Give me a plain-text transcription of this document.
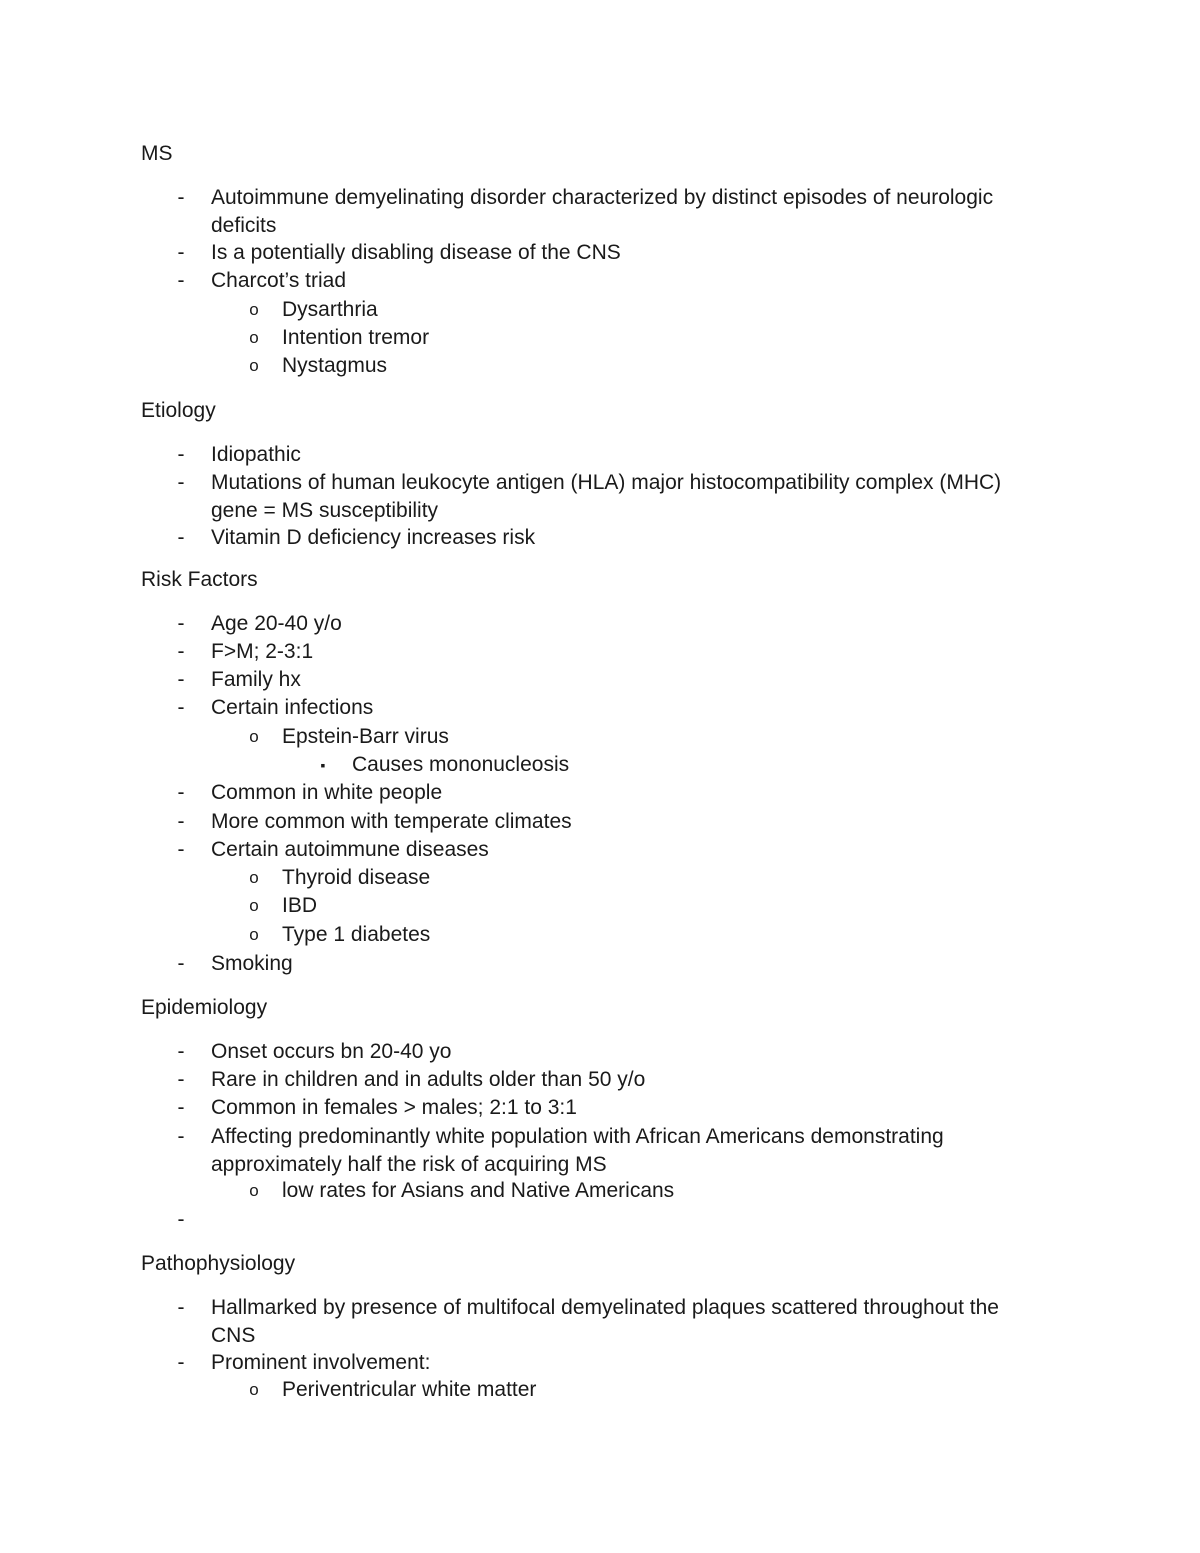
MS
- Autoimmune demyelinating disorder characterized by distinct episodes of neurologic deficits
- Is a potentially disabling disease of the CNS
- Charcot’s triad
o Dysarthria
o Intention tremor
o Nystagmus
Etiology
- Idiopathic
- Mutations of human leukocyte antigen (HLA) major histocompatibility complex (MHC) gene = MS susceptibility
- Vitamin D deficiency increases risk
Risk Factors
- Age 20-40 y/o
- F>M; 2-3:1
- Family hx
- Certain infections
o Epstein-Barr virus
▪ Causes mononucleosis
- Common in white people
- More common with temperate climates
- Certain autoimmune diseases
o Thyroid disease
o IBD
o Type 1 diabetes
- Smoking
Epidemiology
- Onset occurs bn 20-40 yo
- Rare in children and in adults older than 50 y/o
- Common in females > males; 2:1 to 3:1
- Affecting predominantly white population with African Americans demonstrating approximately half the risk of acquiring MS
o low rates for Asians and Native Americans
-
Pathophysiology
- Hallmarked by presence of multifocal demyelinated plaques scattered throughout the CNS
- Prominent involvement:
o Periventricular white matter
